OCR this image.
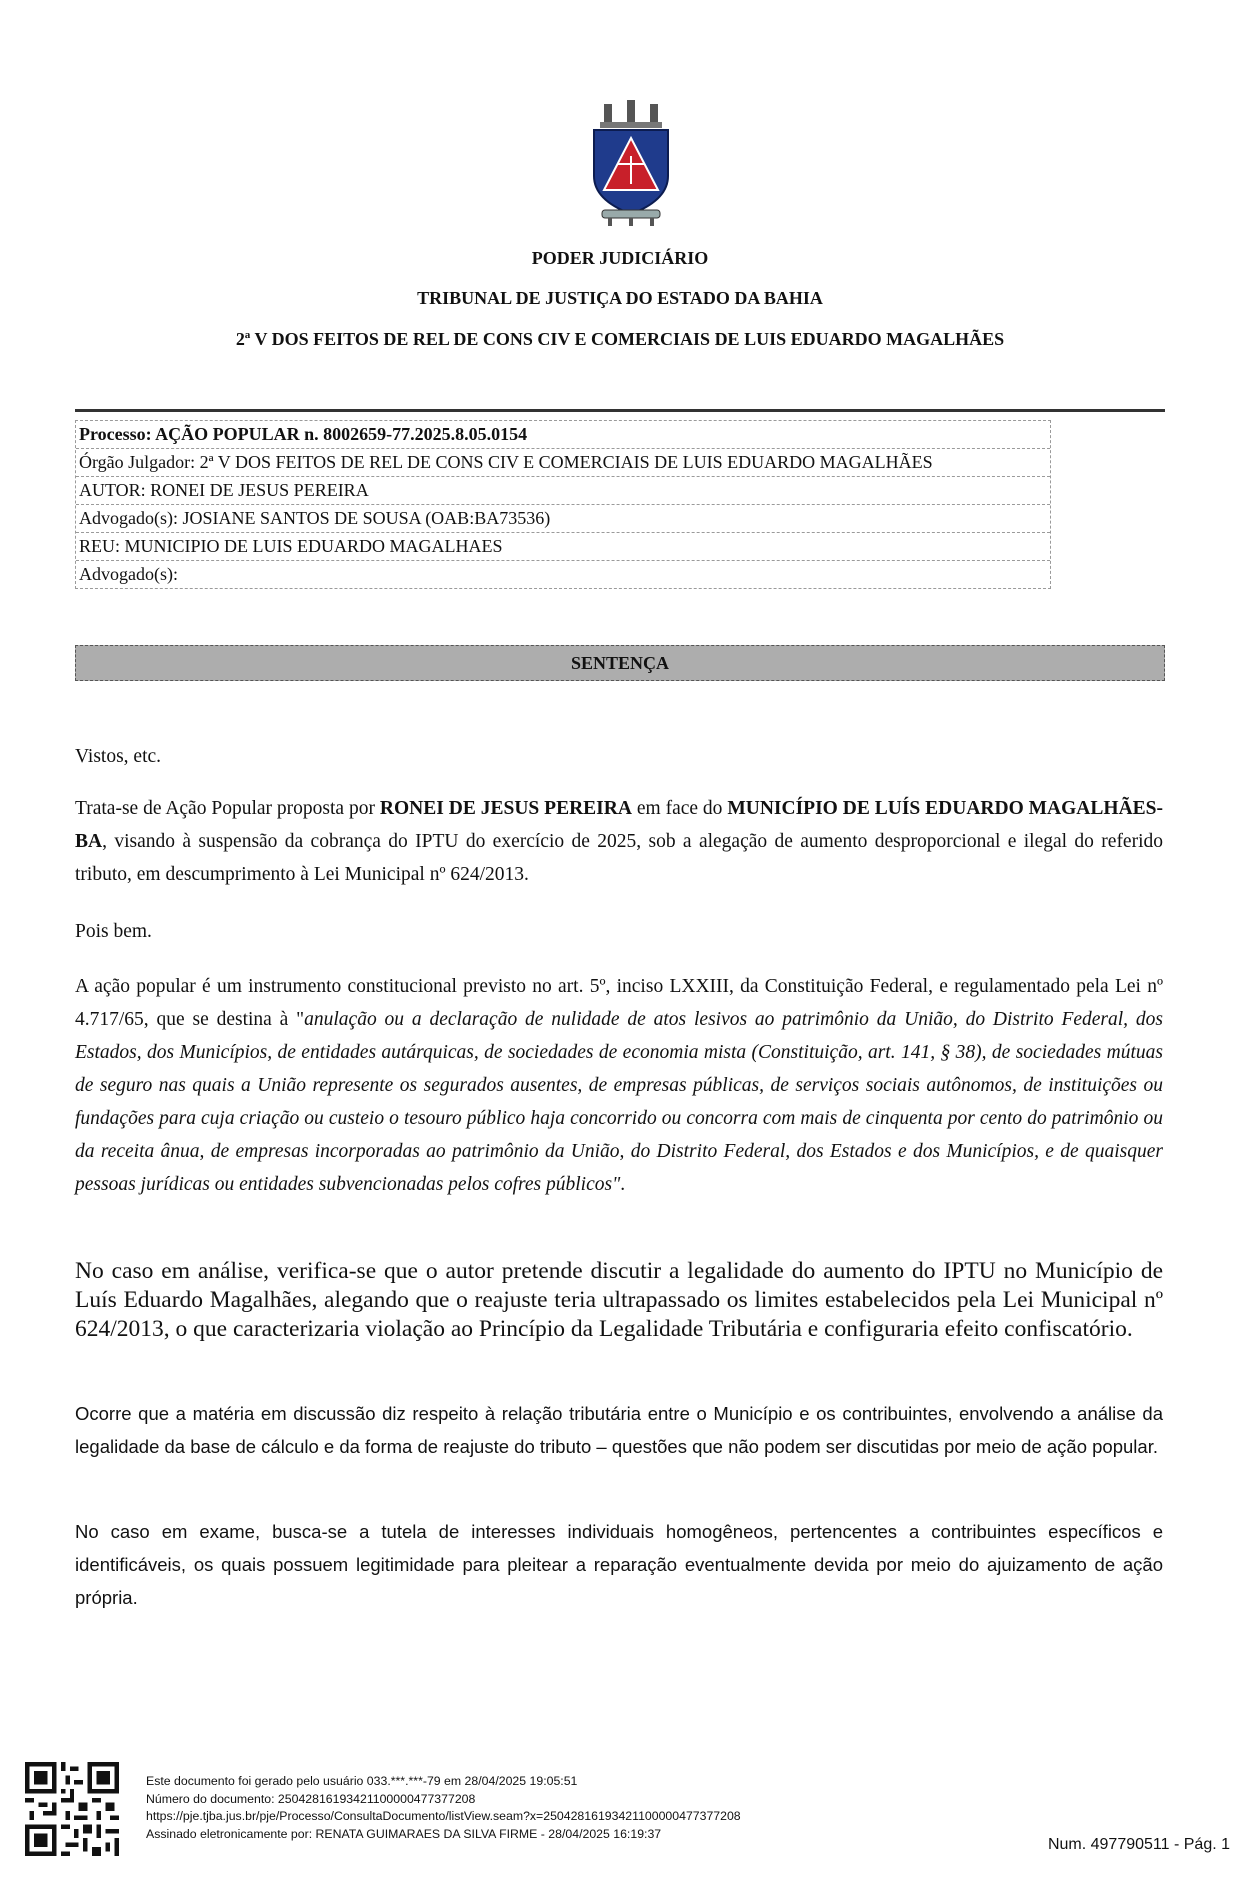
PODER JUDICIÁRIO
TRIBUNAL DE JUSTIÇA DO ESTADO DA BAHIA
2ª V DOS FEITOS DE REL DE CONS CIV E COMERCIAIS DE LUIS EDUARDO MAGALHÃES
Processo: AÇÃO POPULAR n. 8002659-77.2025.8.05.0154
Órgão Julgador: 2ª V DOS FEITOS DE REL DE CONS CIV E COMERCIAIS DE LUIS EDUARDO MAGALHÃES
AUTOR: RONEI DE JESUS PEREIRA
Advogado(s): JOSIANE SANTOS DE SOUSA (OAB:BA73536)
REU: MUNICIPIO DE LUIS EDUARDO MAGALHAES
Advogado(s):
SENTENÇA

Vistos, etc.

Trata-se de Ação Popular proposta por RONEI DE JESUS PEREIRA em face do MUNICÍPIO DE LUÍS EDUARDO MAGALHÃES-BA, visando à suspensão da cobrança do IPTU do exercício de 2025, sob a alegação de aumento desproporcional e ilegal do referido tributo, em descumprimento à Lei Municipal nº 624/2013.

Pois bem.

A ação popular é um instrumento constitucional previsto no art. 5º, inciso LXXIII, da Constituição Federal, e regulamentado pela Lei nº 4.717/65, que se destina à "anulação ou a declaração de nulidade de atos lesivos ao patrimônio da União, do Distrito Federal, dos Estados, dos Municípios, de entidades autárquicas, de sociedades de economia mista (Constituição, art. 141, § 38), de sociedades mútuas de seguro nas quais a União represente os segurados ausentes, de empresas públicas, de serviços sociais autônomos, de instituições ou fundações para cuja criação ou custeio o tesouro público haja concorrido ou concorra com mais de cinquenta por cento do patrimônio ou da receita ânua, de empresas incorporadas ao patrimônio da União, do Distrito Federal, dos Estados e dos Municípios, e de quaisquer pessoas jurídicas ou entidades subvencionadas pelos cofres públicos".

No caso em análise, verifica-se que o autor pretende discutir a legalidade do aumento do IPTU no Município de Luís Eduardo Magalhães, alegando que o reajuste teria ultrapassado os limites estabelecidos pela Lei Municipal nº 624/2013, o que caracterizaria violação ao Princípio da Legalidade Tributária e configuraria efeito confiscatório.

Ocorre que a matéria em discussão diz respeito à relação tributária entre o Município e os contribuintes, envolvendo a análise da legalidade da base de cálculo e da forma de reajuste do tributo – questões que não podem ser discutidas por meio de ação popular.

No caso em exame, busca-se a tutela de interesses individuais homogêneos, pertencentes a contribuintes específicos e identificáveis, os quais possuem legitimidade para pleitear a reparação eventualmente devida por meio do ajuizamento de ação própria.

Este documento foi gerado pelo usuário 033.***.***-79 em 28/04/2025 19:05:51
Número do documento: 25042816193421100000477377208
https://pje.tjba.jus.br/pje/Processo/ConsultaDocumento/listView.seam?x=25042816193421100000477377208
Assinado eletronicamente por: RENATA GUIMARAES DA SILVA FIRME - 28/04/2025 16:19:37
Num. 497790511 - Pág. 1
